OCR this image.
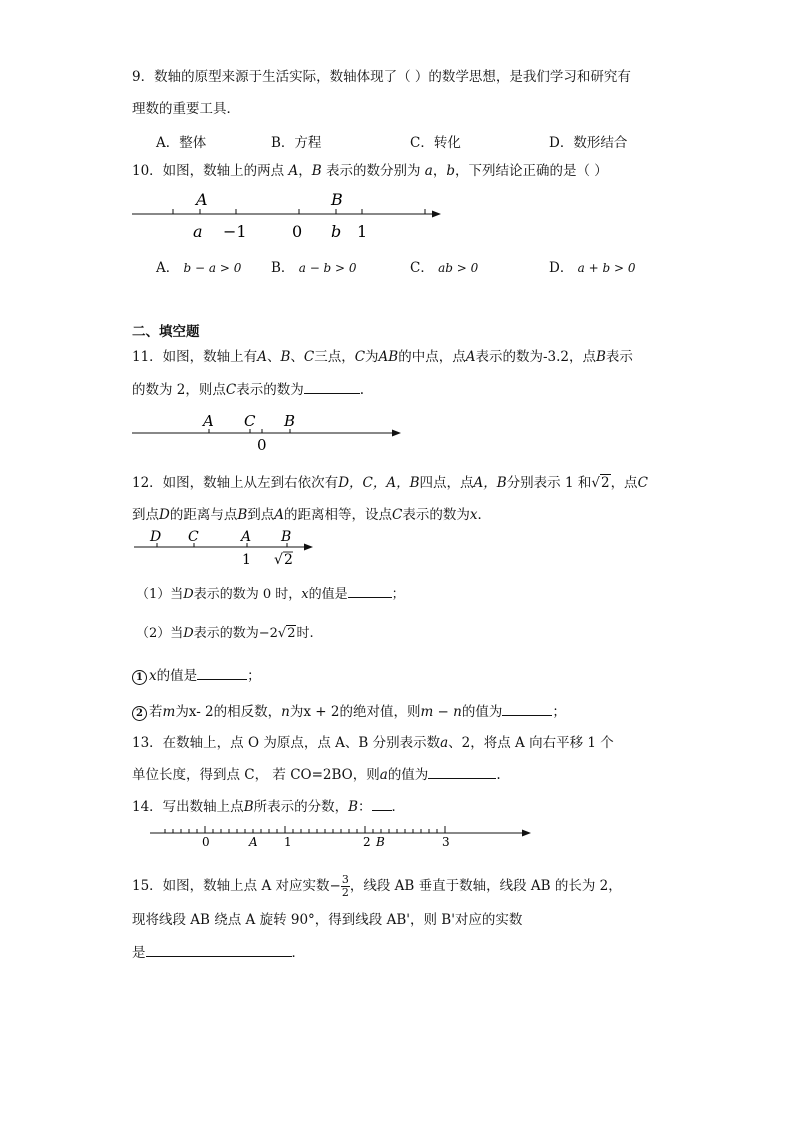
9．数轴的原型来源于生活实际，数轴体现了（ ）的数学思想，是我们学习和研究有
理数的重要工具．
A．整体	B．方程	C．转化	D．数形结合
10．如图，数轴上的两点 A，B 表示的数分别为 a，b，下列结论正确的是（ ）
A	B
a −1	0 b 1
A． b − a > 0 B． a − b > 0	C． ab > 0	D． a + b > 0
二、填空题
11．如图，数轴上有A、B、C三点，C为AB的中点，点A表示的数为-3.2，点B表示
的数为 2，则点C表示的数为	.
A C B
0
12．如图，数轴上从左到右依次有D，C，A，B四点，点A，B分别表示 1 和√2，点C
到点D的距离与点B到点A的距离相等，设点C表示的数为x．
D C	A B
1 √ 2
（1）当D表示的数为 0 时，x的值是	；
（2）当D表示的数为−2√2时.
1 x的值是	；
2 若m为x- 2的相反数，n为x + 2的绝对值，则m − n的值为	；
13．在数轴上，点 O 为原点，点 A、B 分别表示数a、2，将点 A 向右平移 1 个
单位长度，得到点 C， 若 CO=2BO，则a的值为	.
14．写出数轴上点B所表示的分数，B： ．
0	A 1	2 B	3
15．如图，数轴上点 A 对应实数− $\frac{3}{2}$ ，线段 AB 垂直于数轴，线段 AB 的长为 2，
现将线段 AB 绕点 A 旋转 90°，得到线段 AB'，则 B'对应的实数
是	．
